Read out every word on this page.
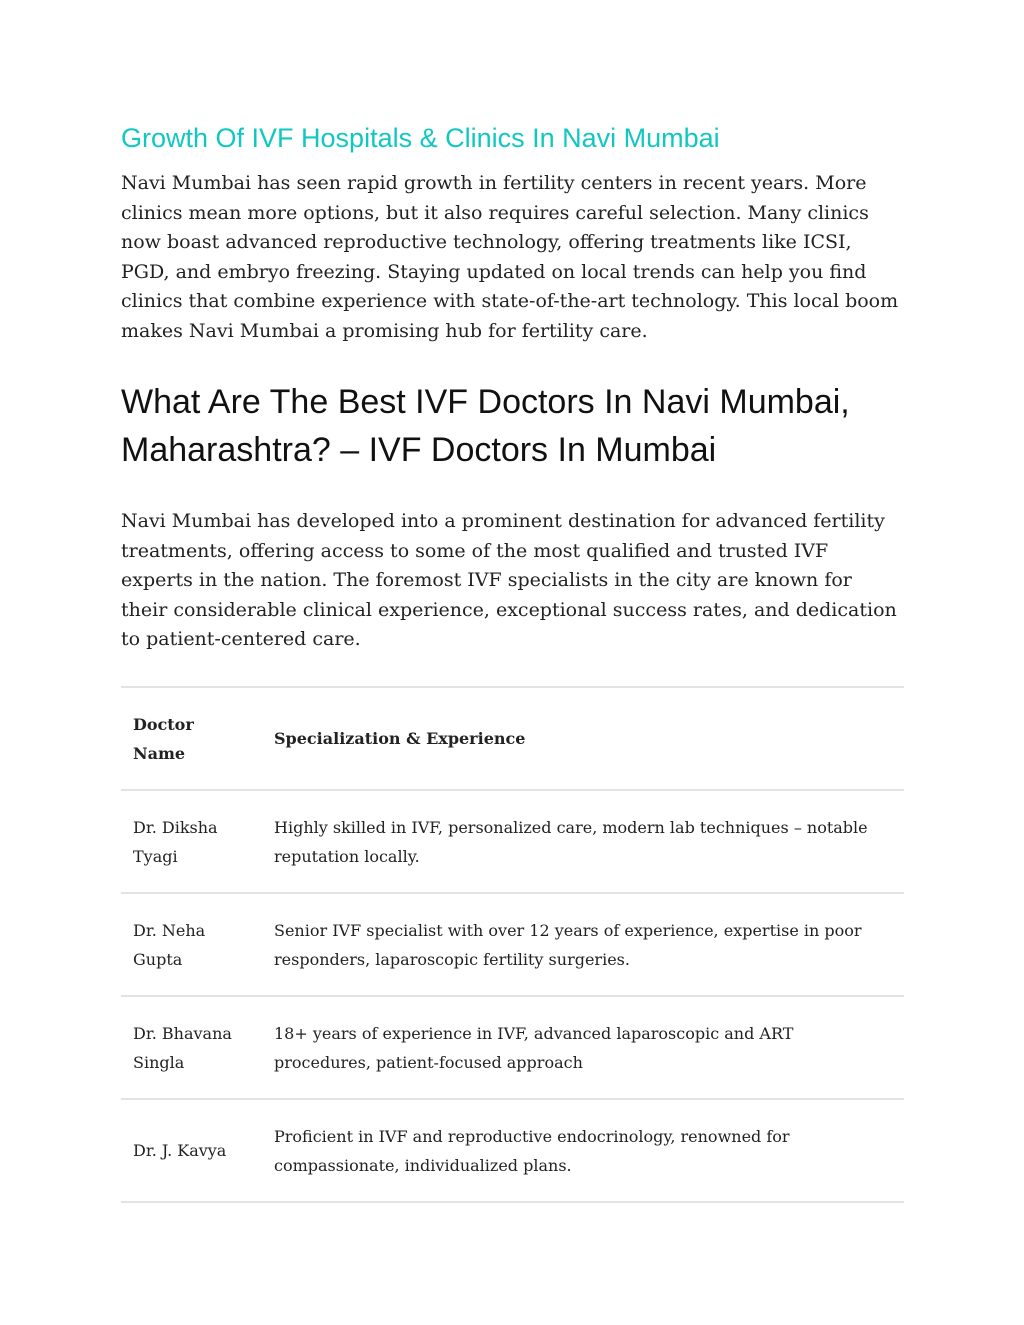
Growth Of IVF Hospitals & Clinics In Navi Mumbai

Navi Mumbai has seen rapid growth in fertility centers in recent years. More clinics mean more options, but it also requires careful selection. Many clinics now boast advanced reproductive technology, offering treatments like ICSI, PGD, and embryo freezing. Staying updated on local trends can help you find clinics that combine experience with state-of-the-art technology. This local boom makes Navi Mumbai a promising hub for fertility care.

What Are The Best IVF Doctors In Navi Mumbai, Maharashtra? – IVF Doctors In Mumbai

Navi Mumbai has developed into a prominent destination for advanced fertility treatments, offering access to some of the most qualified and trusted IVF experts in the nation. The foremost IVF specialists in the city are known for their considerable clinical experience, exceptional success rates, and dedication to patient-centered care.

Doctor Name	Specialization & Experience
Dr. Diksha Tyagi	Highly skilled in IVF, personalized care, modern lab techniques – notable reputation locally.
Dr. Neha Gupta	Senior IVF specialist with over 12 years of experience, expertise in poor responders, laparoscopic fertility surgeries.
Dr. Bhavana Singla	18+ years of experience in IVF, advanced laparoscopic and ART procedures, patient-focused approach
Dr. J. Kavya	Proficient in IVF and reproductive endocrinology, renowned for compassionate, individualized plans.
